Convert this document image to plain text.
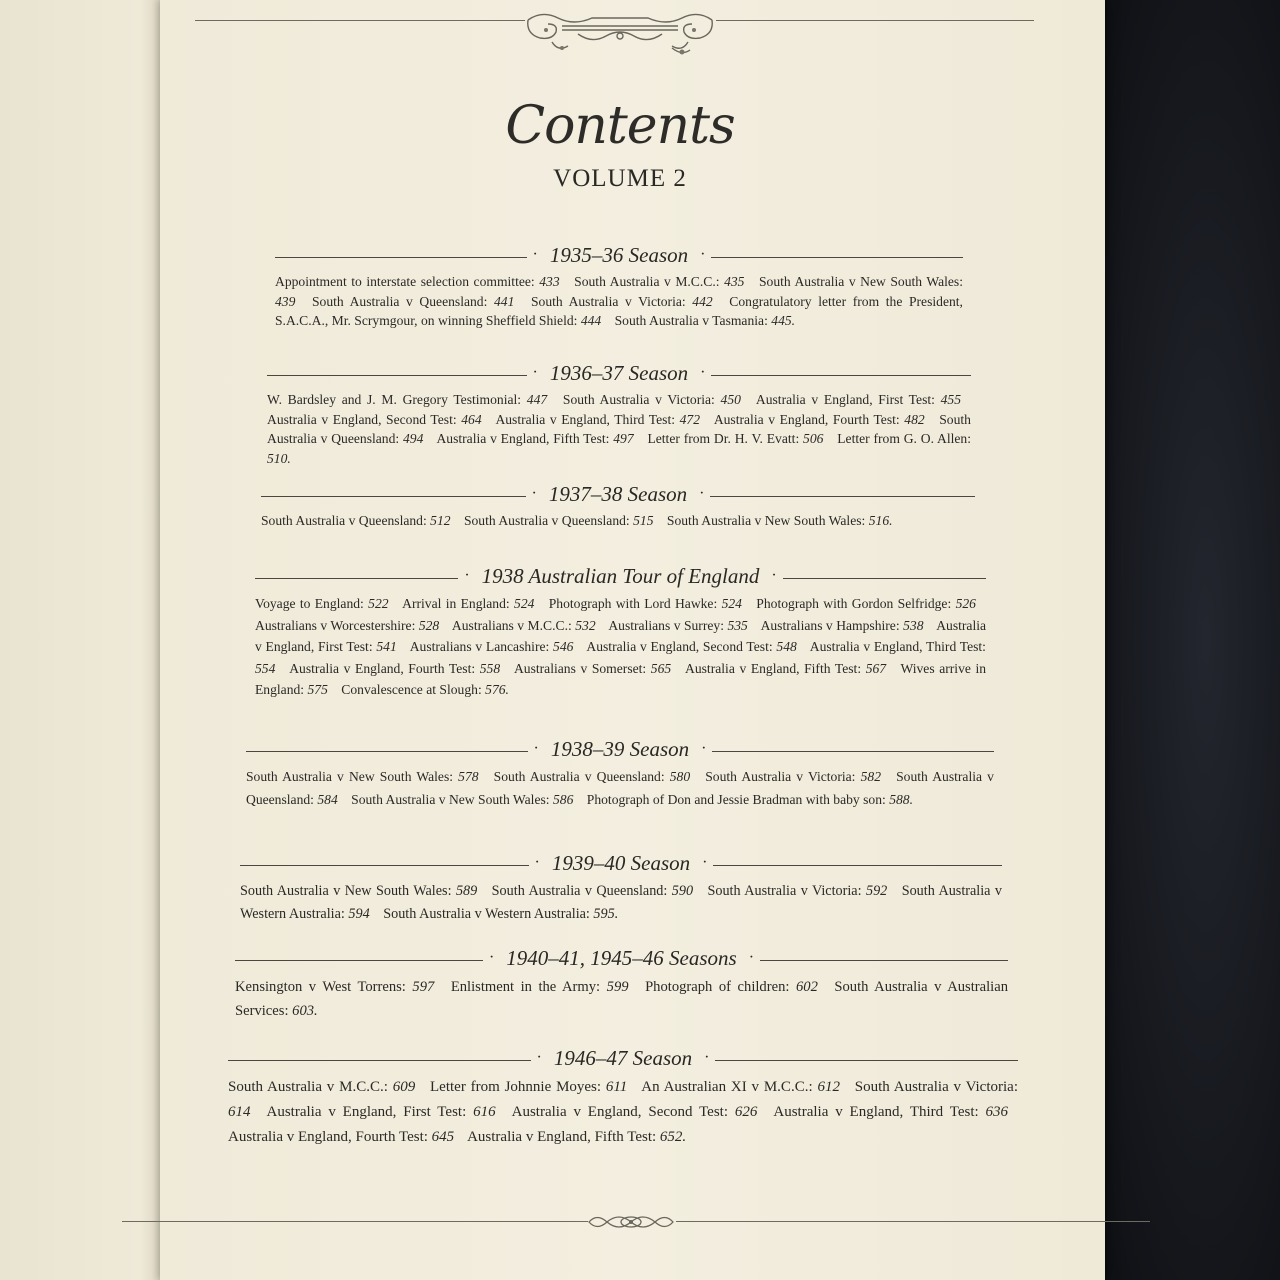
Contents
VOLUME 2
· 1935–36 Season ·
Appointment to interstate selection committee: 433 South Australia v M.C.C.: 435 South Australia v New South Wales: 439 South Australia v Queensland: 441 South Australia v Victoria: 442 Congratulatory letter from the President, S.A.C.A., Mr. Scrymgour, on winning Sheffield Shield: 444 South Australia v Tasmania: 445.
· 1936–37 Season ·
W. Bardsley and J. M. Gregory Testimonial: 447 South Australia v Victoria: 450 Australia v England, First Test: 455 Australia v England, Second Test: 464 Australia v England, Third Test: 472 Australia v England, Fourth Test: 482 South Australia v Queensland: 494 Australia v England, Fifth Test: 497 Letter from Dr. H. V. Evatt: 506 Letter from G. O. Allen: 510.
· 1937–38 Season ·
South Australia v Queensland: 512 South Australia v Queensland: 515 South Australia v New South Wales: 516.
· 1938 Australian Tour of England ·
Voyage to England: 522 Arrival in England: 524 Photograph with Lord Hawke: 524 Photograph with Gordon Selfridge: 526 Australians v Worcestershire: 528 Australians v M.C.C.: 532 Australians v Surrey: 535 Australians v Hampshire: 538 Australia v England, First Test: 541 Australians v Lancashire: 546 Australia v England, Second Test: 548 Australia v England, Third Test: 554 Australia v England, Fourth Test: 558 Australians v Somerset: 565 Australia v England, Fifth Test: 567 Wives arrive in England: 575 Convalescence at Slough: 576.
· 1938–39 Season ·
South Australia v New South Wales: 578 South Australia v Queensland: 580 South Australia v Victoria: 582 South Australia v Queensland: 584 South Australia v New South Wales: 586 Photograph of Don and Jessie Bradman with baby son: 588.
· 1939–40 Season ·
South Australia v New South Wales: 589 South Australia v Queensland: 590 South Australia v Victoria: 592 South Australia v Western Australia: 594 South Australia v Western Australia: 595.
· 1940–41, 1945–46 Seasons ·
Kensington v West Torrens: 597 Enlistment in the Army: 599 Photograph of children: 602 South Australia v Australian Services: 603.
· 1946–47 Season ·
South Australia v M.C.C.: 609 Letter from Johnnie Moyes: 611 An Australian XI v M.C.C.: 612 South Australia v Victoria: 614 Australia v England, First Test: 616 Australia v England, Second Test: 626 Australia v England, Third Test: 636 Australia v England, Fourth Test: 645 Australia v England, Fifth Test: 652.
